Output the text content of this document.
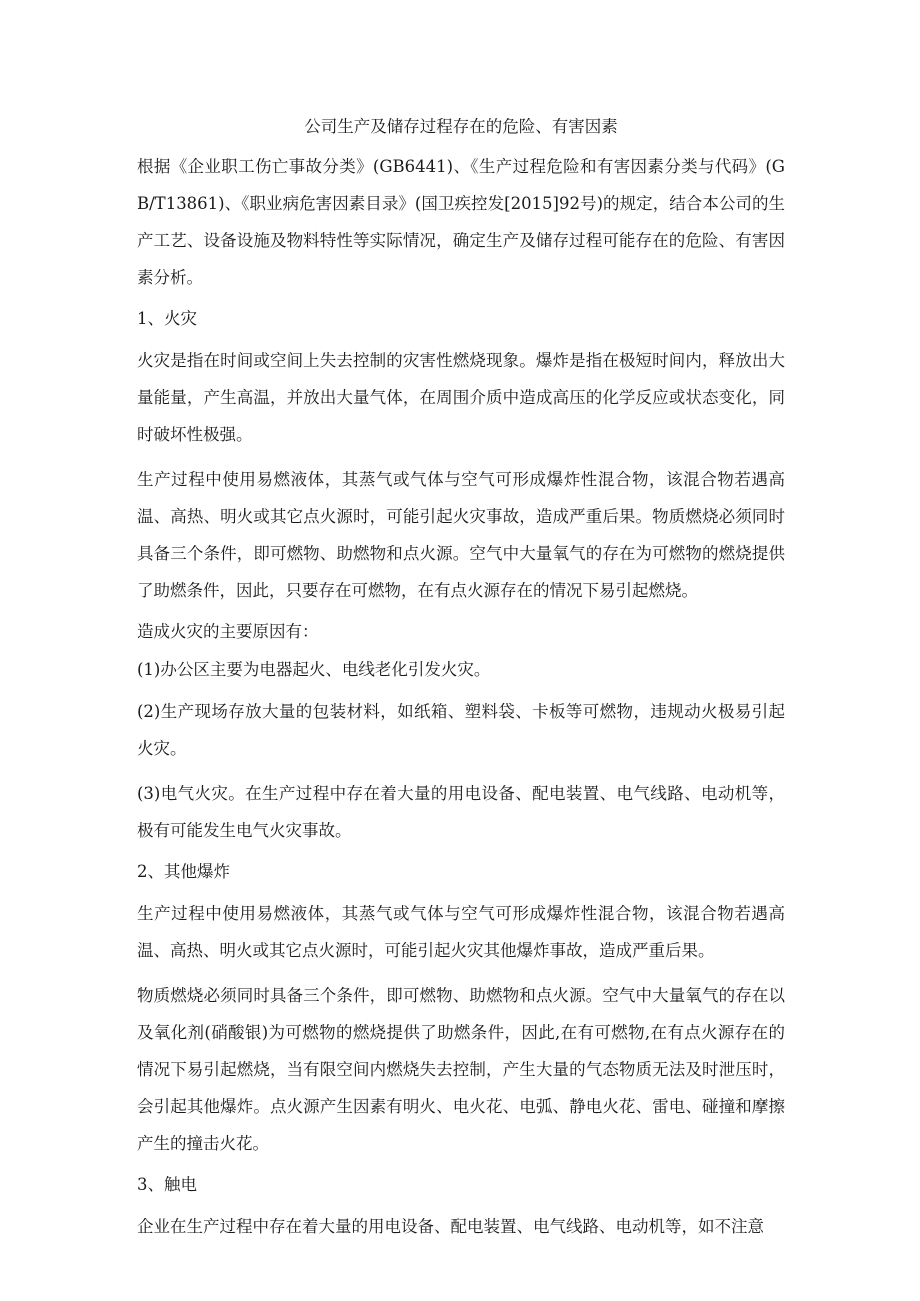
公司生产及储存过程存在的危险、有害因素
根据《企业职工伤亡事故分类》(GB6441)、《生产过程危险和有害因素分类与代码》(GB/T13861)、《职业病危害因素目录》(国卫疾控发[2015]92号)的规定，结合本公司的生产工艺、设备设施及物料特性等实际情况，确定生产及储存过程可能存在的危险、有害因素分析。
1、火灾
火灾是指在时间或空间上失去控制的灾害性燃烧现象。爆炸是指在极短时间内，释放出大量能量，产生高温，并放出大量气体，在周围介质中造成高压的化学反应或状态变化，同时破坏性极强。
生产过程中使用易燃液体，其蒸气或气体与空气可形成爆炸性混合物，该混合物若遇高温、高热、明火或其它点火源时，可能引起火灾事故，造成严重后果。物质燃烧必须同时具备三个条件，即可燃物、助燃物和点火源。空气中大量氧气的存在为可燃物的燃烧提供了助燃条件，因此，只要存在可燃物，在有点火源存在的情况下易引起燃烧。
造成火灾的主要原因有：
(1)办公区主要为电器起火、电线老化引发火灾。
(2)生产现场存放大量的包装材料，如纸箱、塑料袋、卡板等可燃物，违规动火极易引起火灾。
(3)电气火灾。在生产过程中存在着大量的用电设备、配电装置、电气线路、电动机等，极有可能发生电气火灾事故。
2、其他爆炸
生产过程中使用易燃液体，其蒸气或气体与空气可形成爆炸性混合物，该混合物若遇高温、高热、明火或其它点火源时，可能引起火灾其他爆炸事故，造成严重后果。
物质燃烧必须同时具备三个条件，即可燃物、助燃物和点火源。空气中大量氧气的存在以及氧化剂(硝酸银)为可燃物的燃烧提供了助燃条件，因此,在有可燃物,在有点火源存在的情况下易引起燃烧，当有限空间内燃烧失去控制，产生大量的气态物质无法及时泄压时，会引起其他爆炸。点火源产生因素有明火、电火花、电弧、静电火花、雷电、碰撞和摩擦产生的撞击火花。
3、触电
企业在生产过程中存在着大量的用电设备、配电装置、电气线路、电动机等，如不注意
